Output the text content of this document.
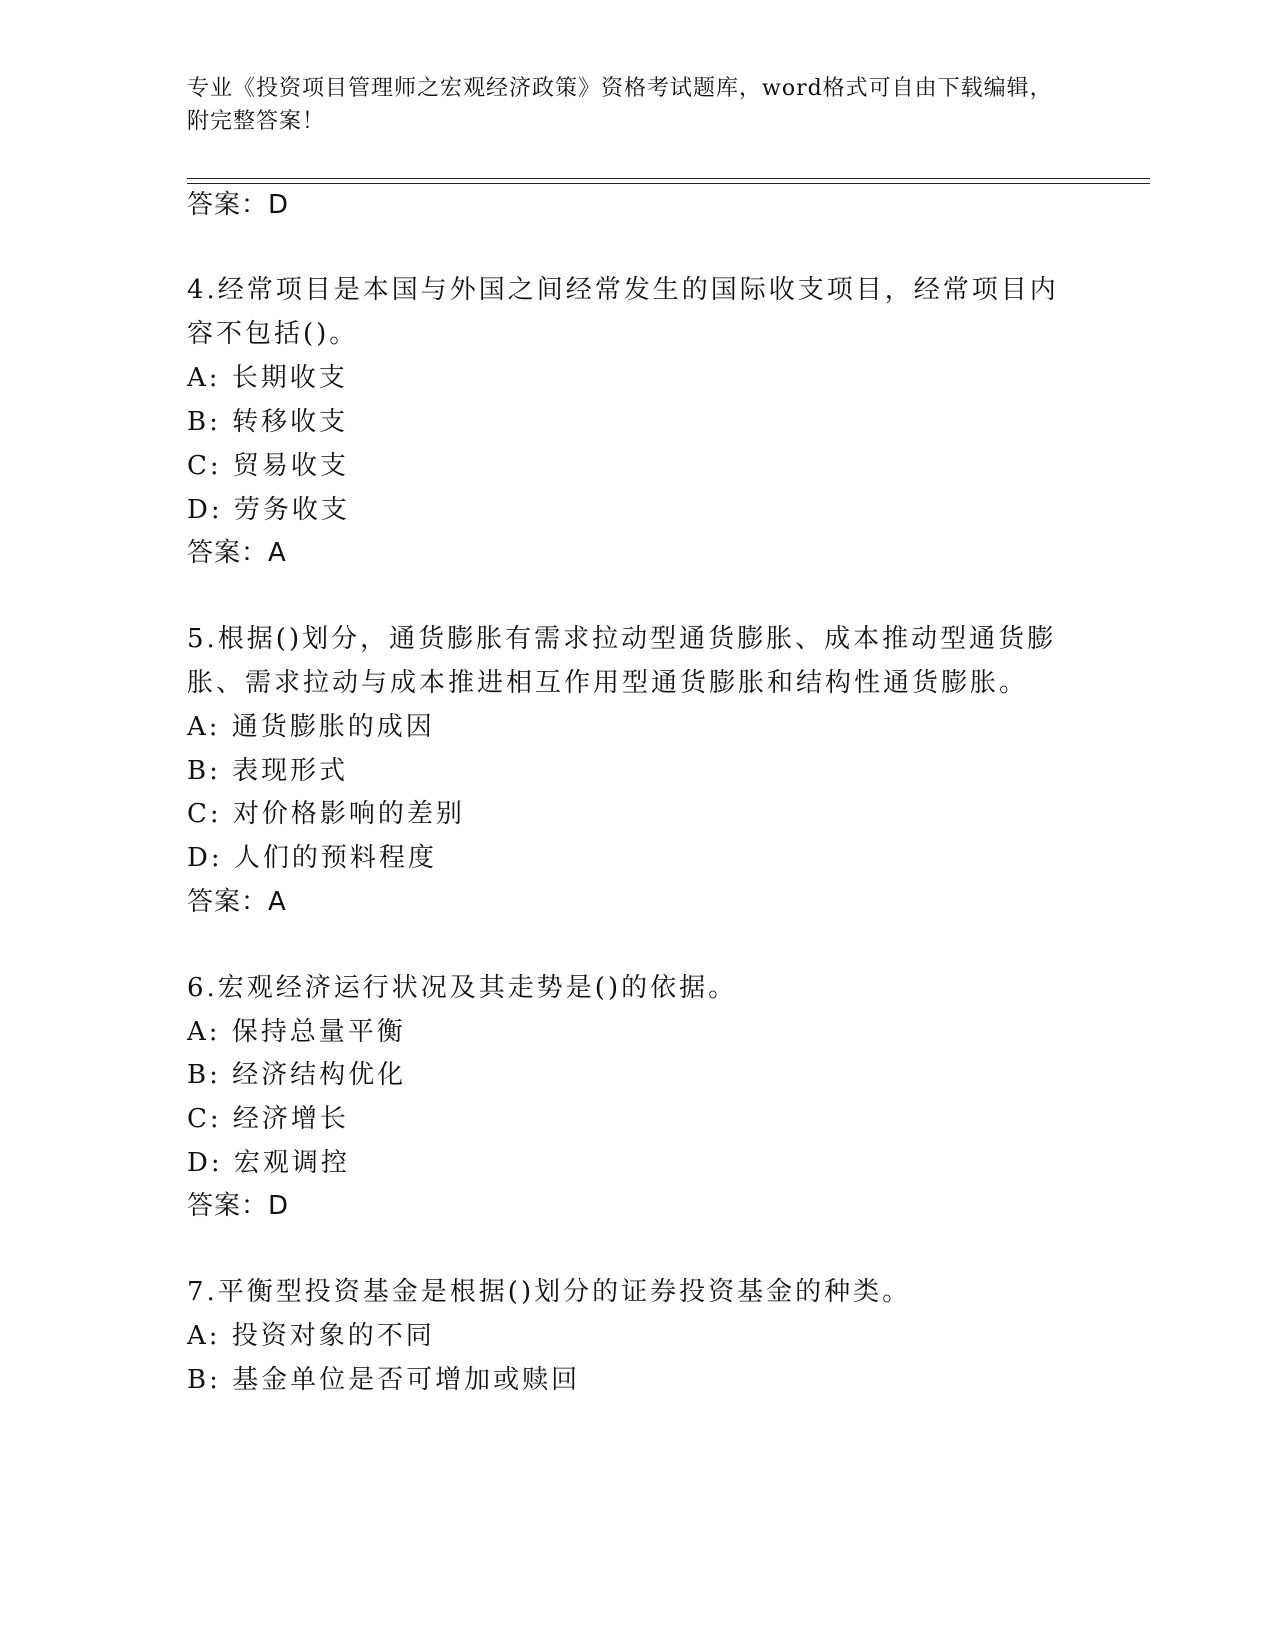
专业《投资项目管理师之宏观经济政策》资格考试题库，word格式可自由下载编辑，附完整答案！
答案：D
4.经常项目是本国与外国之间经常发生的国际收支项目，经常项目内
容不包括()。
A: 长期收支
B: 转移收支
C: 贸易收支
D: 劳务收支
答案：A
5.根据()划分，通货膨胀有需求拉动型通货膨胀、成本推动型通货膨
胀、需求拉动与成本推进相互作用型通货膨胀和结构性通货膨胀。
A: 通货膨胀的成因
B: 表现形式
C: 对价格影响的差别
D: 人们的预料程度
答案：A
6.宏观经济运行状况及其走势是()的依据。
A: 保持总量平衡
B: 经济结构优化
C: 经济增长
D: 宏观调控
答案：D
7.平衡型投资基金是根据()划分的证券投资基金的种类。
A: 投资对象的不同
B: 基金单位是否可增加或赎回
